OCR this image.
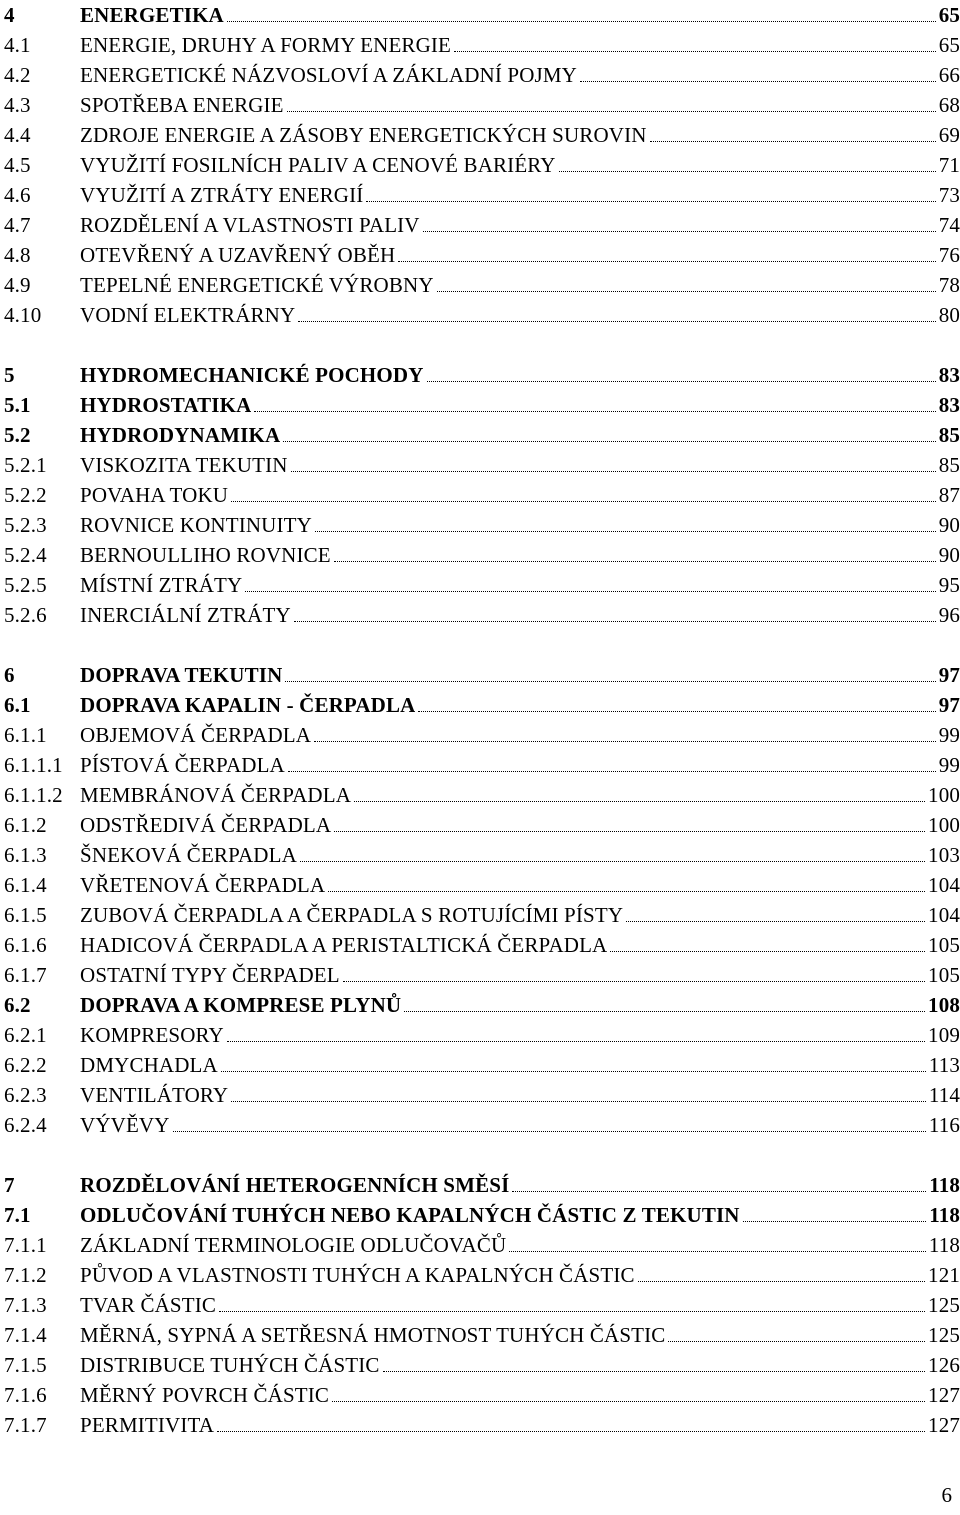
4	ENERGETIKA	65
4.1	ENERGIE, DRUHY A FORMY ENERGIE	65
4.2	ENERGETICKÉ NÁZVOSLOVÍ A ZÁKLADNÍ POJMY	66
4.3	SPOTŘEBA ENERGIE	68
4.4	ZDROJE ENERGIE A ZÁSOBY ENERGETICKÝCH SUROVIN	69
4.5	VYUŽITÍ FOSILNÍCH PALIV A CENOVÉ BARIÉRY	71
4.6	VYUŽITÍ A ZTRÁTY ENERGIÍ	73
4.7	ROZDĚLENÍ A VLASTNOSTI PALIV	74
4.8	OTEVŘENÝ A UZAVŘENÝ OBĚH	76
4.9	TEPELNÉ ENERGETICKÉ VÝROBNY	78
4.10	VODNÍ ELEKTRÁRNY	80
5	HYDROMECHANICKÉ POCHODY	83
5.1	HYDROSTATIKA	83
5.2	HYDRODYNAMIKA	85
5.2.1	VISKOZITA TEKUTIN	85
5.2.2	POVAHA TOKU	87
5.2.3	ROVNICE KONTINUITY	90
5.2.4	BERNOULLIHO ROVNICE	90
5.2.5	MÍSTNÍ ZTRÁTY	95
5.2.6	INERCIÁLNÍ ZTRÁTY	96
6	DOPRAVA TEKUTIN	97
6.1	DOPRAVA KAPALIN - ČERPADLA	97
6.1.1	OBJEMOVÁ ČERPADLA	99
6.1.1.1 PÍSTOVÁ ČERPADLA	99
6.1.1.2 MEMBRÁNOVÁ ČERPADLA	100
6.1.2	ODSTŘEDIVÁ ČERPADLA	100
6.1.3	ŠNEKOVÁ ČERPADLA	103
6.1.4	VŘETENOVÁ ČERPADLA	104
6.1.5	ZUBOVÁ ČERPADLA A ČERPADLA S ROTUJÍCÍMI PÍSTY	104
6.1.6	HADICOVÁ ČERPADLA A PERISTALTICKÁ ČERPADLA	105
6.1.7	OSTATNÍ TYPY ČERPADEL	105
6.2	DOPRAVA A KOMPRESE PLYNŮ	108
6.2.1	KOMPRESORY	109
6.2.2	DMYCHADLA	113
6.2.3	VENTILÁTORY	114
6.2.4	VÝVĚVY	116
7	ROZDĚLOVÁNÍ HETEROGENNÍCH SMĚSÍ	118
7.1	ODLUČOVÁNÍ TUHÝCH NEBO KAPALNÝCH ČÁSTIC Z TEKUTIN	118
7.1.1	ZÁKLADNÍ TERMINOLOGIE ODLUČOVAČŮ	118
7.1.2	PŮVOD A VLASTNOSTI TUHÝCH A KAPALNÝCH ČÁSTIC	121
7.1.3	TVAR ČÁSTIC	125
7.1.4	MĚRNÁ, SYPNÁ A SETŘESNÁ HMOTNOST TUHÝCH ČÁSTIC	125
7.1.5	DISTRIBUCE TUHÝCH ČÁSTIC	126
7.1.6	MĚRNÝ POVRCH ČÁSTIC	127
7.1.7	PERMITIVITA	127
6
